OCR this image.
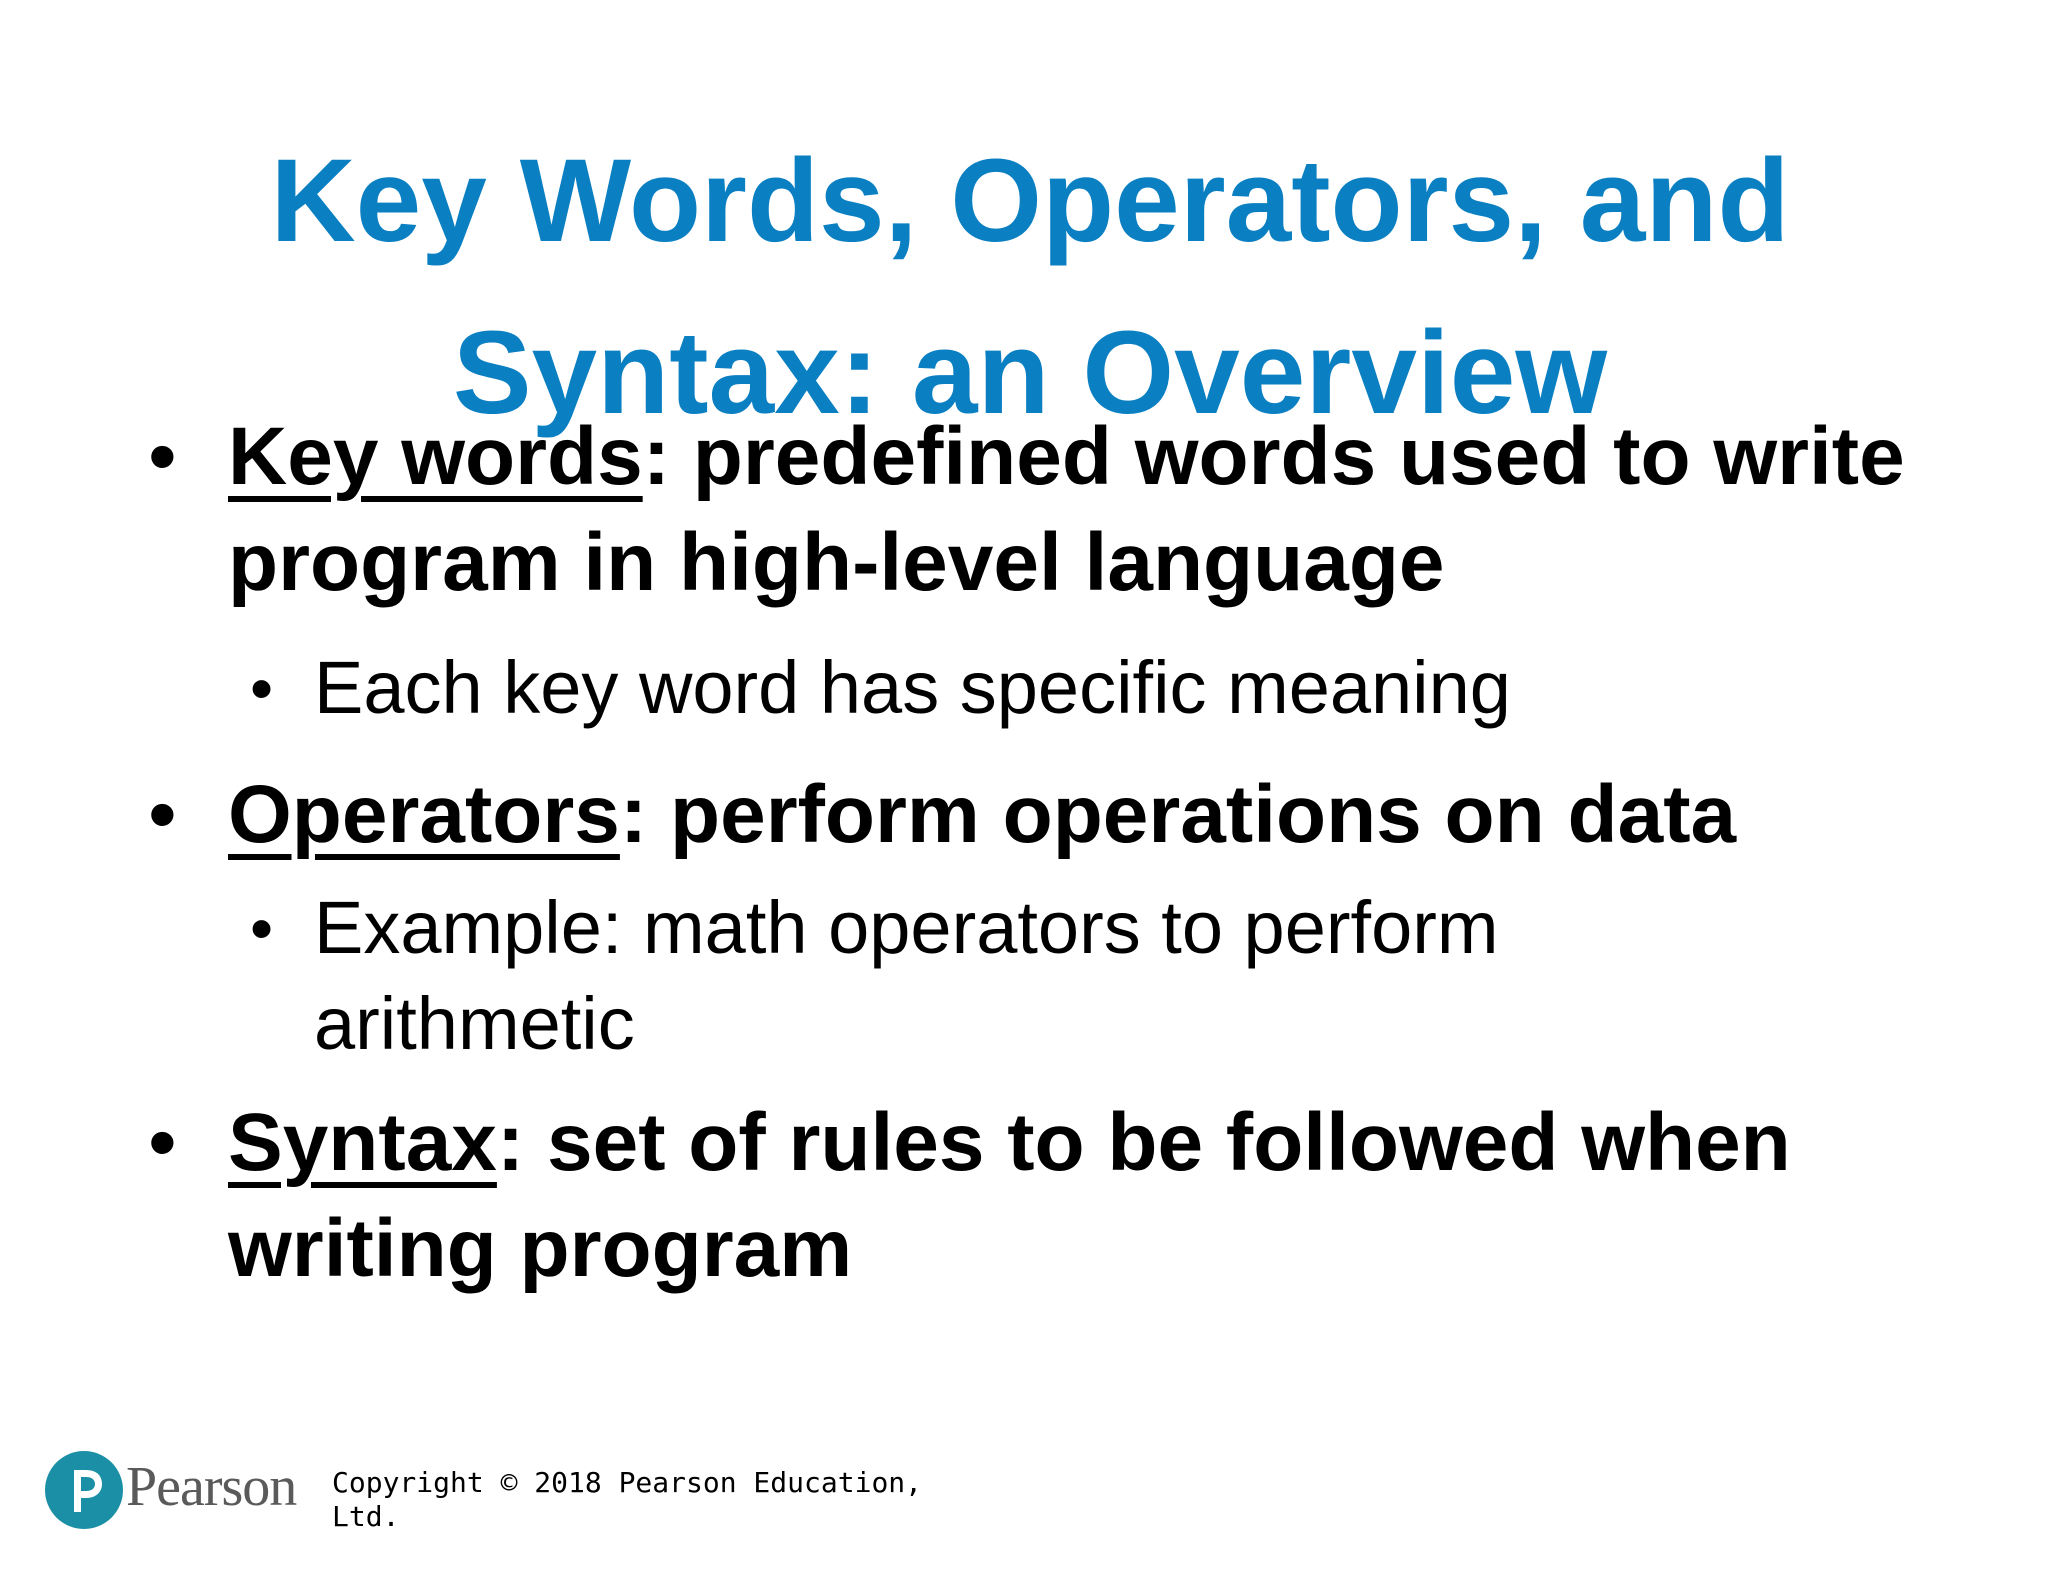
Key Words, Operators, and Syntax: an Overview
• Key words: predefined words used to write program in high-level language
• Each key word has specific meaning
• Operators: perform operations on data
• Example: math operators to perform arithmetic
• Syntax: set of rules to be followed when writing program
Pearson Copyright © 2018 Pearson Education, Ltd.
